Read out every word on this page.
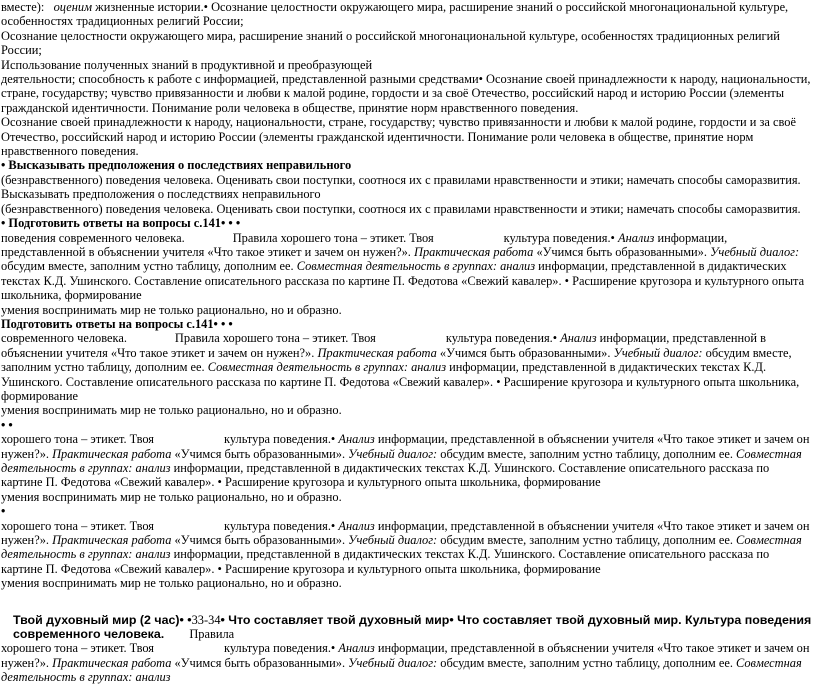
вместе): оценим жизненные истории.• Осознание целостности окружающего мира, расширение знаний о российской многонациональной культуре, особенностях традиционных религий России;

Осознание целостности окружающего мира, расширение знаний о российской многонациональной культуре, особенностях традиционных религий России;

Использование полученных знаний в продуктивной и преобразующей

деятельности; способность к работе с информацией, представленной разными средствами• Осознание своей принадлежности к народу, национальности, стране, государству; чувство привязанности и любви к малой родине, гордости и за своё Отечество, российский народ и историю России (элементы гражданской идентичности. Понимание роли человека в обществе, принятие норм нравственного поведения.

Осознание своей принадлежности к народу, национальности, стране, государству; чувство привязанности и любви к малой родине, гордости и за своё Отечество, российский народ и историю России (элементы гражданской идентичности. Понимание роли человека в обществе, принятие норм нравственного поведения.

• Высказывать предположения о последствиях неправильного

(безнравственного) поведения человека. Оценивать свои поступки, соотнося их с правилами нравственности и этики; намечать способы саморазвития.

Высказывать предположения о последствиях неправильного

(безнравственного) поведения человека. Оценивать свои поступки, соотнося их с правилами нравственности и этики; намечать способы саморазвития.

• Подготовить ответы на вопросы с.141• • •

поведения современного человека.	Правила хорошего тона – этикет. Твоя	культура поведения.• Анализ информации, представленной в объяснении учителя «Что такое этикет и зачем он нужен?». Практическая работа «Учимся быть образованными». Учебный диалог: обсудим вместе, заполним устно таблицу, дополним ее. Совместная деятельность в группах: анализ информации, представленной в дидактических текстах К.Д. Ушинского. Составление описательного рассказа по картине П. Федотова «Свежий кавалер». • Расширение кругозора и культурного опыта школьника, формирование

умения воспринимать мир не только рационально, но и образно.

Подготовить ответы на вопросы с.141• • •

современного человека.	Правила хорошего тона – этикет. Твоя	культура поведения.• Анализ информации, представленной в объяснении учителя «Что такое этикет и зачем он нужен?». Практическая работа «Учимся быть образованными». Учебный диалог: обсудим вместе, заполним устно таблицу, дополним ее. Совместная деятельность в группах: анализ информации, представленной в дидактических текстах К.Д. Ушинского. Составление описательного рассказа по картине П. Федотова «Свежий кавалер». • Расширение кругозора и культурного опыта школьника, формирование

умения воспринимать мир не только рационально, но и образно.

• •

хорошего тона – этикет. Твоя	культура поведения.• Анализ информации, представленной в объяснении учителя «Что такое этикет и зачем он нужен?». Практическая работа «Учимся быть образованными». Учебный диалог: обсудим вместе, заполним устно таблицу, дополним ее. Совместная деятельность в группах: анализ информации, представленной в дидактических текстах К.Д. Ушинского. Составление описательного рассказа по картине П. Федотова «Свежий кавалер». • Расширение кругозора и культурного опыта школьника, формирование

умения воспринимать мир не только рационально, но и образно.

•

хорошего тона – этикет. Твоя	культура поведения.• Анализ информации, представленной в объяснении учителя «Что такое этикет и зачем он нужен?». Практическая работа «Учимся быть образованными». Учебный диалог: обсудим вместе, заполним устно таблицу, дополним ее. Совместная деятельность в группах: анализ информации, представленной в дидактических текстах К.Д. Ушинского. Составление описательного рассказа по картине П. Федотова «Свежий кавалер». • Расширение кругозора и культурного опыта школьника, формирование

умения воспринимать мир не только рационально, но и образно.

Твой духовный мир (2 час)• •33-34• Что составляет твой духовный мир• Что составляет твой духовный мир. Культура поведения современного человека. Правила

хорошего тона – этикет. Твоя	культура поведения.• Анализ информации, представленной в объяснении учителя «Что такое этикет и зачем он нужен?». Практическая работа «Учимся быть образованными». Учебный диалог: обсудим вместе, заполним устно таблицу, дополним ее. Совместная деятельность в группах: анализ
